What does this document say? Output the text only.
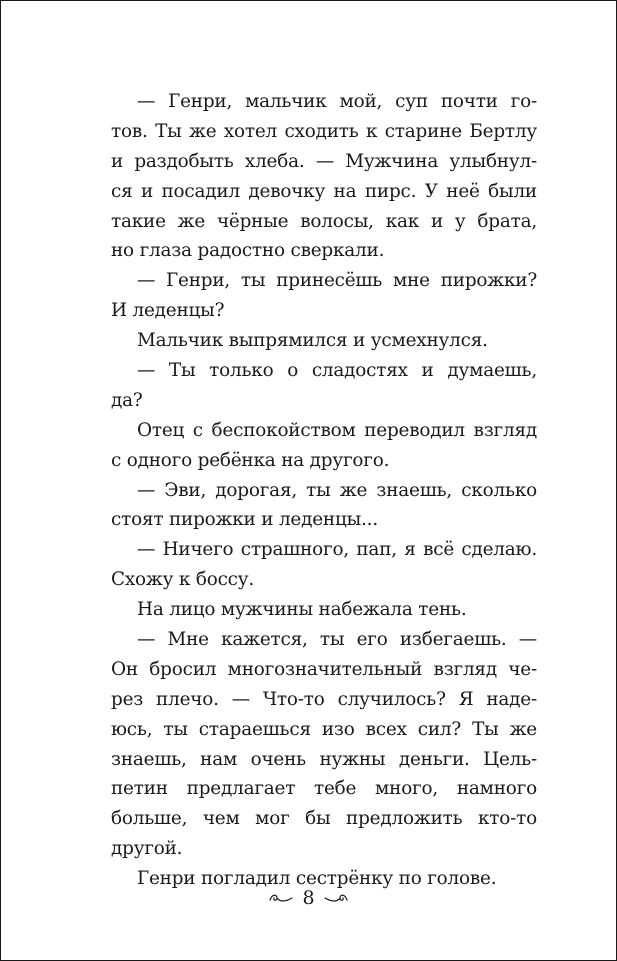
— Генри, мальчик мой, суп почти го-
тов. Ты же хотел сходить к старине Бертлу
и раздобыть хлеба. — Мужчина улыбнул-
ся и посадил девочку на пирс. У неё были
такие же чёрные волосы, как и у брата,
но глаза радостно сверкали.
— Генри, ты принесёшь мне пирожки?
И леденцы?
Мальчик выпрямился и усмехнулся.
— Ты только о сладостях и думаешь,
да?
Отец с беспокойством переводил взгляд
с одного ребёнка на другого.
— Эви, дорогая, ты же знаешь, сколько
стоят пирожки и леденцы...
— Ничего страшного, пап, я всё сделаю.
Схожу к боссу.
На лицо мужчины набежала тень.
— Мне кажется, ты его избегаешь. —
Он бросил многозначительный взгляд че-
рез плечо. — Что-то случилось? Я наде-
юсь, ты стараешься изо всех сил? Ты же
знаешь, нам очень нужны деньги. Цель-
петин предлагает тебе много, намного
больше, чем мог бы предложить кто-то
другой.
Генри погладил сестрёнку по голове.
8
